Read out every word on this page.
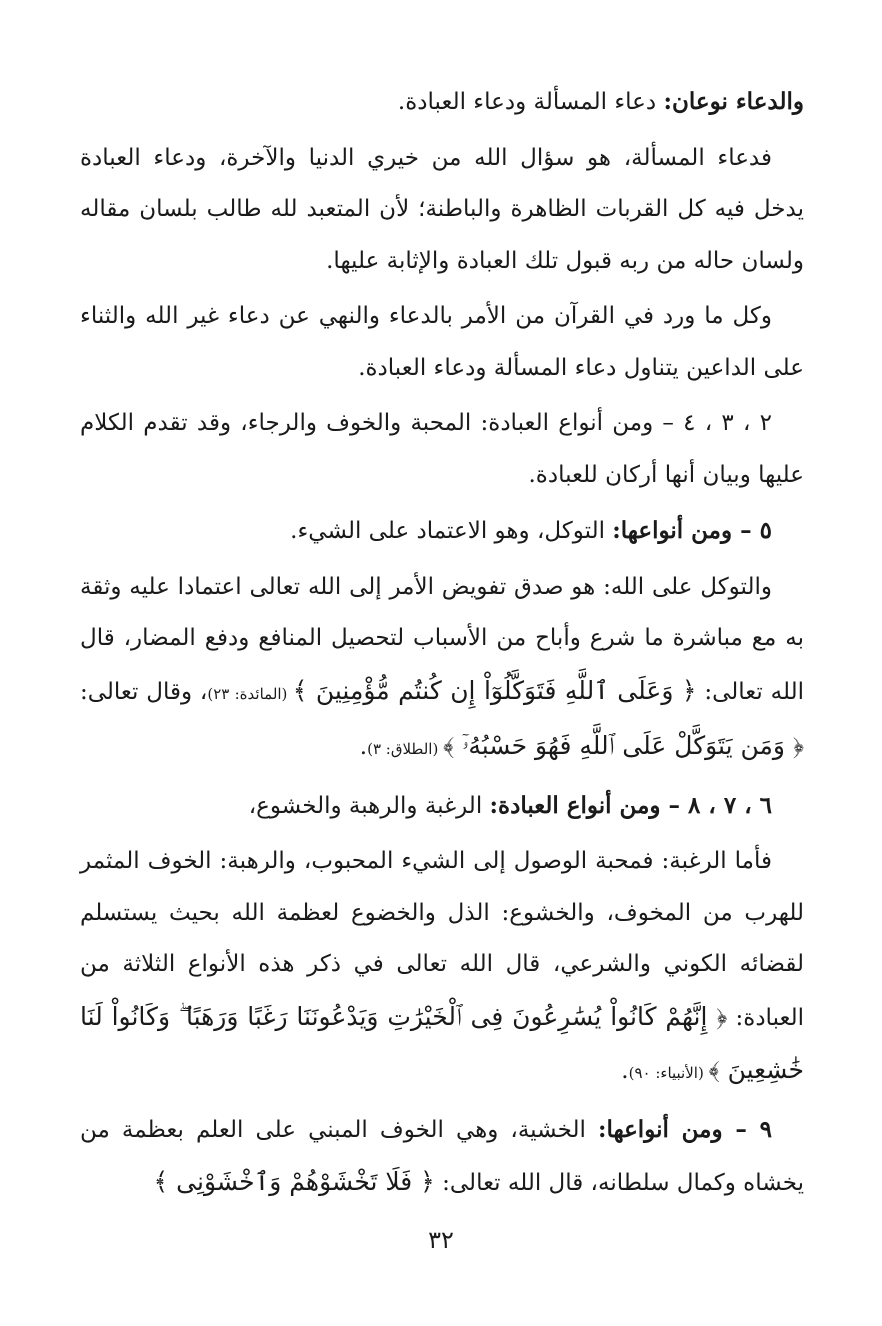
والدعاء نوعان: دعاء المسألة ودعاء العبادة.

فدعاء المسألة، هو سؤال الله من خيري الدنيا والآخرة، ودعاء العبادة يدخل فيه كل القربات الظاهرة والباطنة؛ لأن المتعبد لله طالب بلسان مقاله ولسان حاله من ربه قبول تلك العبادة والإثابة عليها.

وكل ما ورد في القرآن من الأمر بالدعاء والنهي عن دعاء غير الله والثناء على الداعين يتناول دعاء المسألة ودعاء العبادة.

٢ ، ٣ ، ٤ – ومن أنواع العبادة: المحبة والخوف والرجاء، وقد تقدم الكلام عليها وبيان أنها أركان للعبادة.

٥ – ومن أنواعها: التوكل، وهو الاعتماد على الشيء.

والتوكل على الله: هو صدق تفويض الأمر إلى الله تعالى اعتمادا عليه وثقة به مع مباشرة ما شرع وأباح من الأسباب لتحصيل المنافع ودفع المضار، قال الله تعالى: ﴿ وَعَلَى ٱللَّهِ فَتَوَكَّلُوٓاْ إِن كُنتُم مُّؤْمِنِينَ ﴾ (المائدة: ٢٣)، وقال تعالى: ﴿ وَمَن يَتَوَكَّلْ عَلَى ٱللَّهِ فَهُوَ حَسْبُهُۥٓ ﴾ (الطلاق: ٣).

٦ ، ٧ ، ٨ – ومن أنواع العبادة: الرغبة والرهبة والخشوع،

فأما الرغبة: فمحبة الوصول إلى الشيء المحبوب، والرهبة: الخوف المثمر للهرب من المخوف، والخشوع: الذل والخضوع لعظمة الله بحيث يستسلم لقضائه الكوني والشرعي، قال الله تعالى في ذكر هذه الأنواع الثلاثة من العبادة: ﴿ إِنَّهُمْ كَانُواْ يُسَٰرِعُونَ فِى ٱلْخَيْرَٰتِ وَيَدْعُونَنَا رَغَبًا وَرَهَبًا ۖ وَكَانُواْ لَنَا خَٰشِعِينَ ﴾ (الأنبياء: ٩٠).

٩ – ومن أنواعها: الخشية، وهي الخوف المبني على العلم بعظمة من يخشاه وكمال سلطانه، قال الله تعالى: ﴿ فَلَا تَخْشَوْهُمْ وَٱخْشَوْنِى ﴾

٣٢
